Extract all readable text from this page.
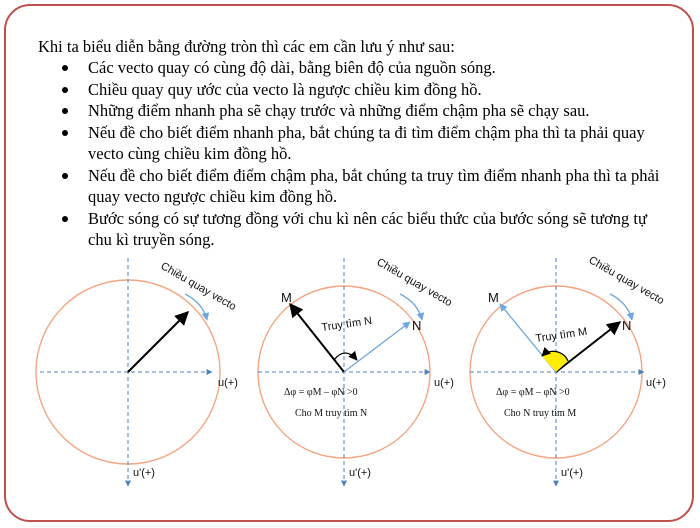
Khi ta biểu diễn bằng đường tròn thì các em cần lưu ý như sau:
Các vecto quay có cùng độ dài, bằng biên độ của nguồn sóng.
Chiều quay quy ước của vecto là ngược chiều kim đồng hồ.
Những điểm nhanh pha sẽ chạy trước và những điểm chậm pha sẽ chạy sau.
Nếu đề cho biết điểm nhanh pha, bắt chúng ta đi tìm điểm chậm pha thì ta phải quay vecto cùng chiều kim đồng hồ.
Nếu đề cho biết điểm điểm chậm pha, bắt chúng ta truy tìm điểm nhanh pha thì ta phải quay vecto ngược chiều kim đồng hồ.
Bước sóng có sự tương đồng với chu kì nên các biểu thức của bước sóng sẽ tương tự chu kì truyền sóng.
Chiều quay vecto
u(+)
u'(+)
Chiều quay vecto
M
N
Truy tìm N
Δφ = φM – φN >0
Cho M truy tìm N
u(+)
u'(+)
Chiều quay vecto
M
N
Truy tìm M
Δφ = φM – φN >0
Cho N truy tìm M
u(+)
u'(+)
